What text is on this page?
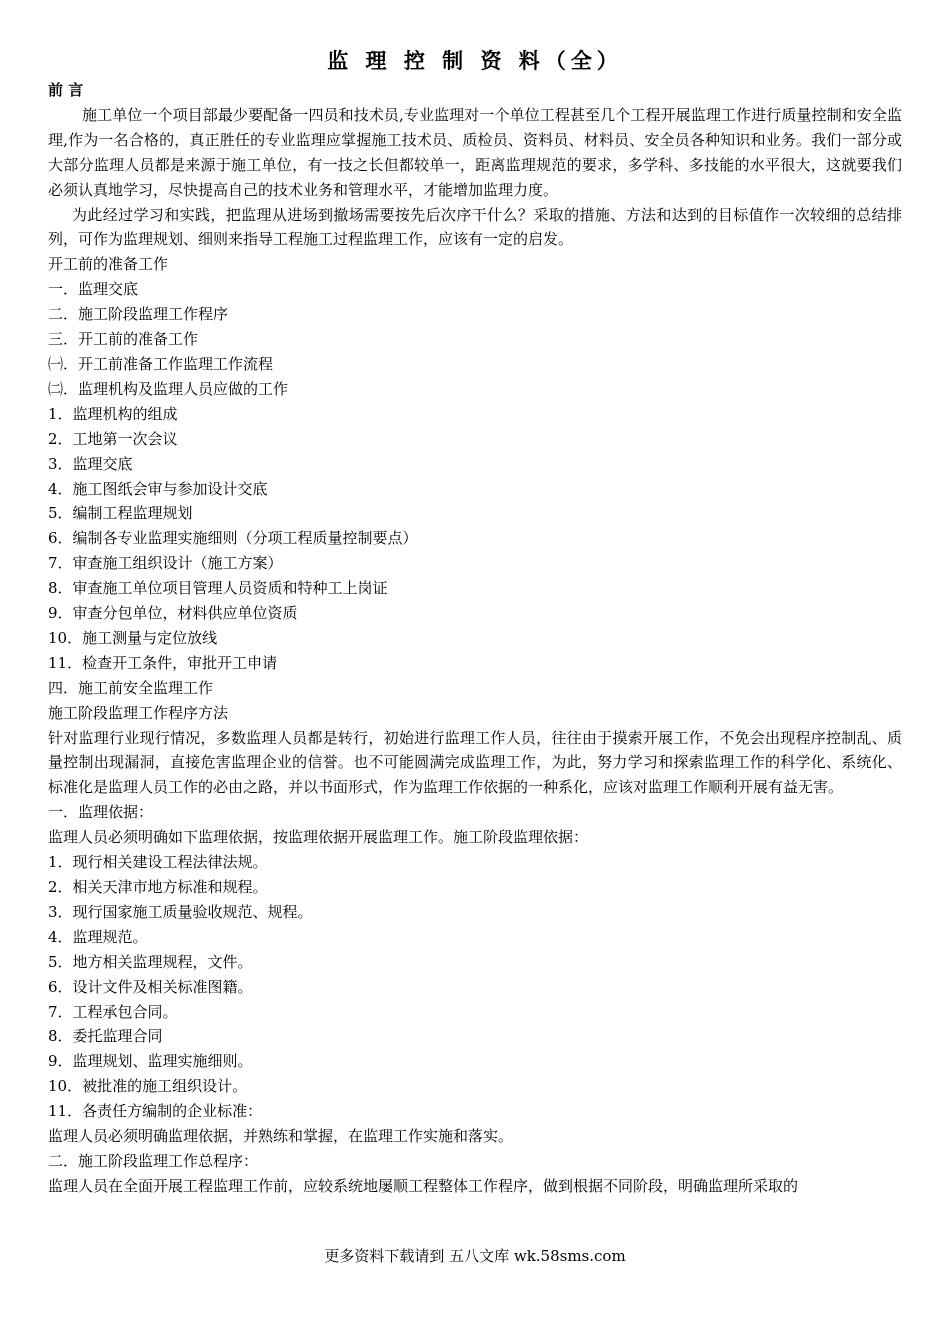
监 理 控 制 资 料（全）

前 言

施工单位一个项目部最少要配备一四员和技术员,专业监理对一个单位工程甚至几个工程开展监理工作进行质量控制和安全监理,作为一名合格的，真正胜任的专业监理应掌握施工技术员、质检员、资料员、材料员、安全员各种知识和业务。我们一部分或大部分监理人员都是来源于施工单位，有一技之长但都较单一，距离监理规范的要求，多学科、多技能的水平很大，这就要我们必须认真地学习，尽快提高自己的技术业务和管理水平，才能增加监理力度。

为此经过学习和实践，把监理从进场到撤场需要按先后次序干什么？采取的措施、方法和达到的目标值作一次较细的总结排列，可作为监理规划、细则来指导工程施工过程监理工作，应该有一定的启发。

开工前的准备工作

一．监理交底

二．施工阶段监理工作程序

三．开工前的准备工作

㈠．开工前准备工作监理工作流程

㈡．监理机构及监理人员应做的工作

1．监理机构的组成

2．工地第一次会议

3．监理交底

4．施工图纸会审与参加设计交底

5．编制工程监理规划

6．编制各专业监理实施细则（分项工程质量控制要点）

7．审查施工组织设计（施工方案）

8．审查施工单位项目管理人员资质和特种工上岗证

9．审查分包单位，材料供应单位资质

10．施工测量与定位放线

11．检查开工条件，审批开工申请

四．施工前安全监理工作

施工阶段监理工作程序方法

针对监理行业现行情况，多数监理人员都是转行，初始进行监理工作人员，往往由于摸索开展工作，不免会出现程序控制乱、质量控制出现漏洞，直接危害监理企业的信誉。也不可能圆满完成监理工作，为此，努力学习和探索监理工作的科学化、系统化、标准化是监理人员工作的必由之路，并以书面形式，作为监理工作依据的一种系化，应该对监理工作顺利开展有益无害。

一．监理依据：

监理人员必须明确如下监理依据，按监理依据开展监理工作。施工阶段监理依据：

1．现行相关建设工程法律法规。

2．相关天津市地方标准和规程。

3．现行国家施工质量验收规范、规程。

4．监理规范。

5．地方相关监理规程，文件。

6．设计文件及相关标准图籍。

7．工程承包合同。

8．委托监理合同

9．监理规划、监理实施细则。

10．被批准的施工组织设计。

11．各责任方编制的企业标准：

监理人员必须明确监理依据，并熟练和掌握，在监理工作实施和落实。

二．施工阶段监理工作总程序：

监理人员在全面开展工程监理工作前，应较系统地屡顺工程整体工作程序，做到根据不同阶段，明确监理所采取的

更多资料下载请到 五八文库 wk.58sms.com
